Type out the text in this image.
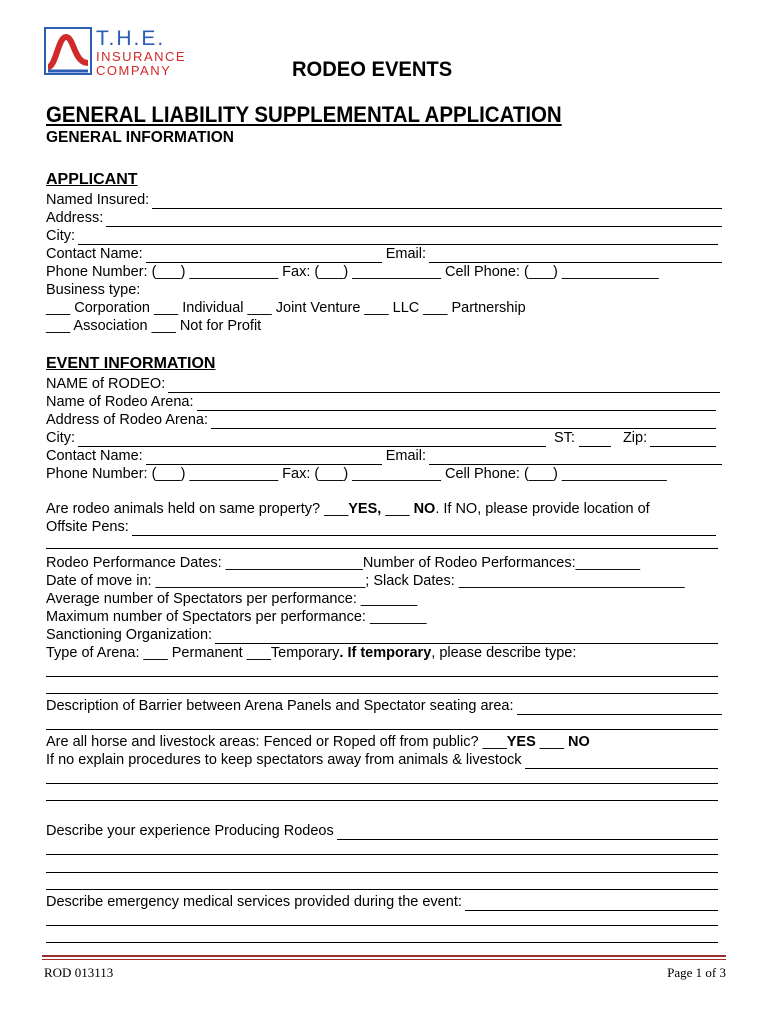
T.H.E.
INSURANCE
COMPANY	RODEO EVENTS
GENERAL LIABILITY SUPPLEMENTAL APPLICATION
GENERAL INFORMATION
APPLICANT
Named Insured:
Address:
City:
Contact Name:	Email:
Phone Number: (___) ___________ Fax: (___) ___________ Cell Phone: (___) ____________
Business type:
___ Corporation ___ Individual ___ Joint Venture ___ LLC ___ Partnership
___ Association ___ Not for Profit
EVENT INFORMATION
NAME of RODEO:
Name of Rodeo Arena:
Address of Rodeo Arena:
City:	ST:	Zip:
Contact Name:	Email:
Phone Number: (___) ___________ Fax: (___) ___________ Cell Phone: (___) _____________
Are rodeo animals held on same property? ___ YES, ___ NO . If NO, please provide location of
Offsite Pens:
Rodeo Performance Dates: _________________ Number of Rodeo Performances:________
Date of move in: __________________________; Slack Dates: ____________________________
Average number of Spectators per performance: _______
Maximum number of Spectators per performance: _______
Sanctioning Organization:
Type of Arena: ___ Permanent ___Temporary . If temporary , please describe type:
Description of Barrier between Arena Panels and Spectator seating area:
Are all horse and livestock areas: Fenced or Roped off from public? ___ YES ___ NO
If no explain procedures to keep spectators away from animals & livestock
Describe your experience Producing Rodeos
Describe emergency medical services provided during the event:
ROD 013113	Page 1 of 3
